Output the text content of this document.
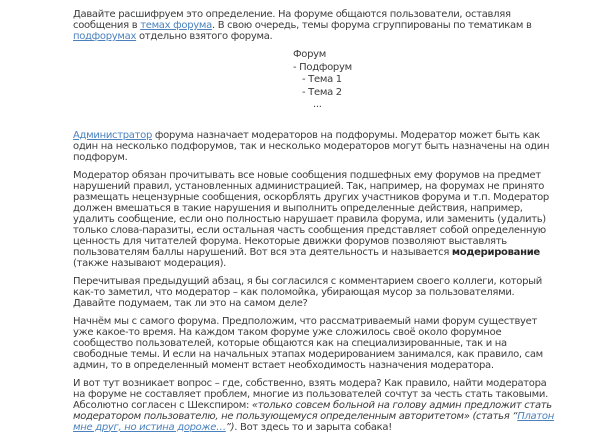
Давайте расшифруем это определение. На форуме общаются пользователи, оставляя сообщения в темах форума. В свою очередь, темы форума сгруппированы по тематикам в подфорумах отдельно взятого форума.

Форум
- Подфорум
- Тема 1
- Тема 2
...

Администратор форума назначает модераторов на подфорумы. Модератор может быть как один на несколько подфорумов, так и несколько модераторов могут быть назначены на один подфорум.

Модератор обязан прочитывать все новые сообщения подшефных ему форумов на предмет нарушений правил, установленных администрацией. Так, например, на форумах не принято размещать нецензурные сообщения, оскорблять других участников форума и т.п. Модератор должен вмешаться в такие нарушения и выполнить определенные действия, например, удалить сообщение, если оно полностью нарушает правила форума, или заменить (удалить) только слова-паразиты, если остальная часть сообщения представляет собой определенную ценность для читателей форума. Некоторые движки форумов позволяют выставлять пользователям баллы нарушений. Вот вся эта деятельность и называется модерирование (также называют модерация).

Перечитывая предыдущий абзац, я бы согласился с комментарием своего коллеги, который как-то заметил, что модератор – как поломойка, убирающая мусор за пользователями. Давайте подумаем, так ли это на самом деле?

Начнём мы с самого форума. Предположим, что рассматриваемый нами форум существует уже какое-то время. На каждом таком форуме уже сложилось своё около форумное сообщество пользователей, которые общаются как на специализированные, так и на свободные темы. И если на начальных этапах модерированием занимался, как правило, сам админ, то в определенный момент встает необходимость назначения модератора.

И вот тут возникает вопрос – где, собственно, взять модера? Как правило, найти модератора на форуме не составляет проблем, многие из пользователей сочтут за честь стать таковыми. Абсолютно согласен с Шекспиром: «только совсем больной на голову админ предложит стать модератором пользователю, не пользующемуся определенным авторитетом» (статья “Платон мне друг, но истина дороже…”). Вот здесь то и зарыта собака!
